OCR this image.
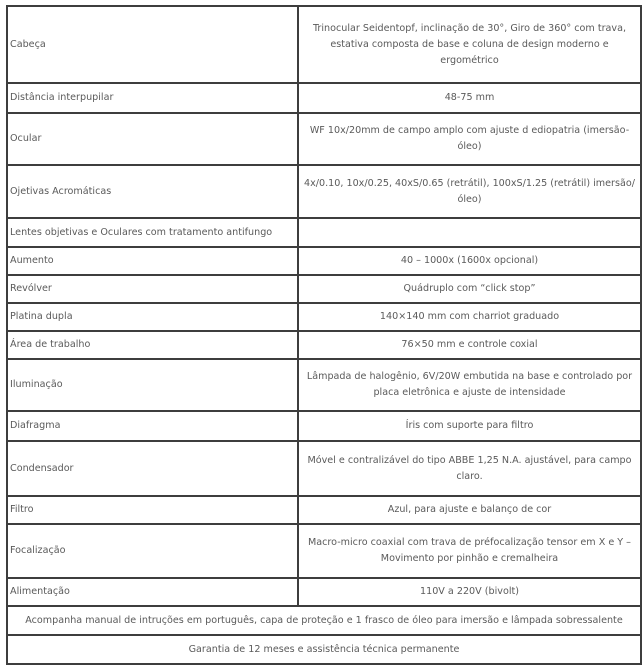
Cabeça	Trinocular Seidentopf, inclinação de 30°, Giro de 360° com trava, estativa composta de base e coluna de design moderno e ergométrico
Distância interpupilar	48-75 mm
Ocular	WF 10x/20mm de campo amplo com ajuste d ediopatria (imersão-óleo)
Ojetivas Acromáticas	4x/0.10, 10x/0.25, 40xS/0.65 (retrátil), 100xS/1.25 (retrátil) imersão/óleo)
Lentes objetivas e Oculares com tratamento antifungo	
Aumento	40 – 1000x (1600x opcional)
Revólver	Quádruplo com “click stop”
Platina dupla	140×140 mm com charriot graduado
Área de trabalho	76×50 mm e controle coxial
Iluminação	Lâmpada de halogênio, 6V/20W embutida na base e controlado por placa eletrônica e ajuste de intensidade
Diafragma	Íris com suporte para filtro
Condensador	Móvel e contralizável do tipo ABBE 1,25 N.A. ajustável, para campo claro.
Filtro	Azul, para ajuste e balanço de cor
Focalização	Macro-micro coaxial com trava de préfocalização tensor em X e Y – Movimento por pinhão e cremalheira
Alimentação	110V a 220V (bivolt)
Acompanha manual de intruções em português, capa de proteção e 1 frasco de óleo para imersão e lâmpada sobressalente	
Garantia de 12 meses e assistência técnica permanente	
